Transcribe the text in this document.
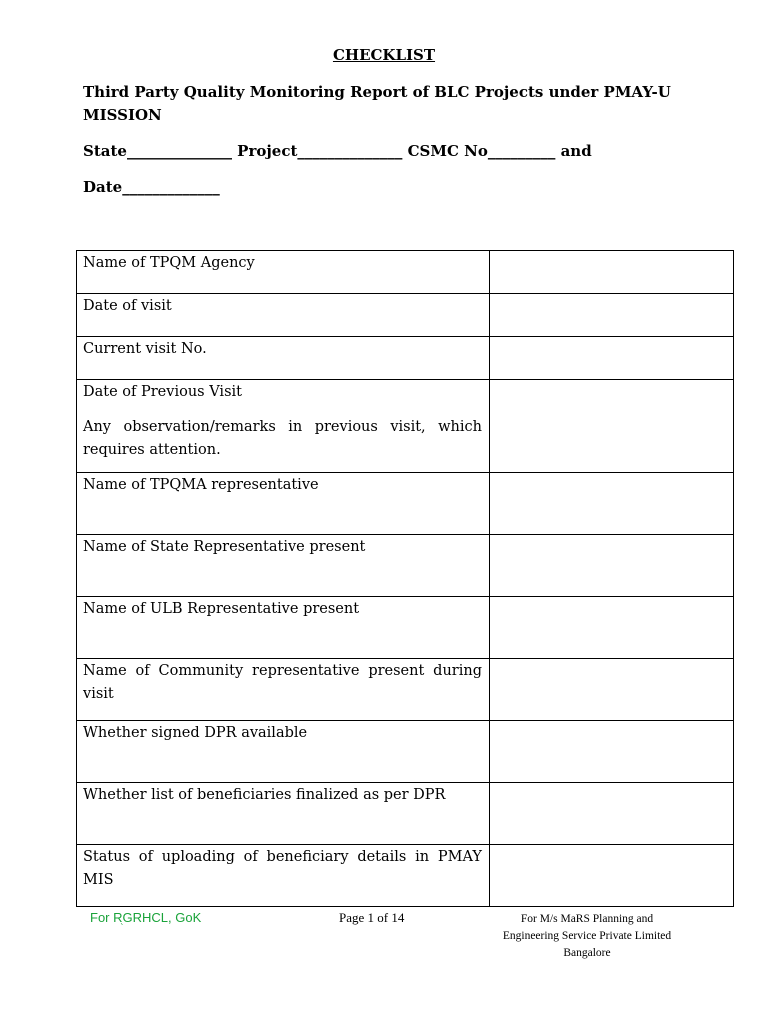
CHECKLIST
Third Party Quality Monitoring Report of BLC Projects under PMAY-U MISSION
State______________ Project______________ CSMC No_________ and
Date_____________

Name of TPQM Agency	

Date of visit	

Current visit No.	

Date of Previous Visit

Any observation/remarks in previous visit, which requires attention.	

Name of TPQMA representative	

Name of State Representative present	

Name of ULB Representative present	

Name of Community representative present during visit	

Whether signed DPR available	

Whether list of beneficiaries finalized as per DPR	

Status of uploading of beneficiary details in PMAY MIS	

For RGRHCL, GoK
`
Page 1 of 14	For M/s MaRS Planning and
Engineering Service Private Limited
Bangalore
